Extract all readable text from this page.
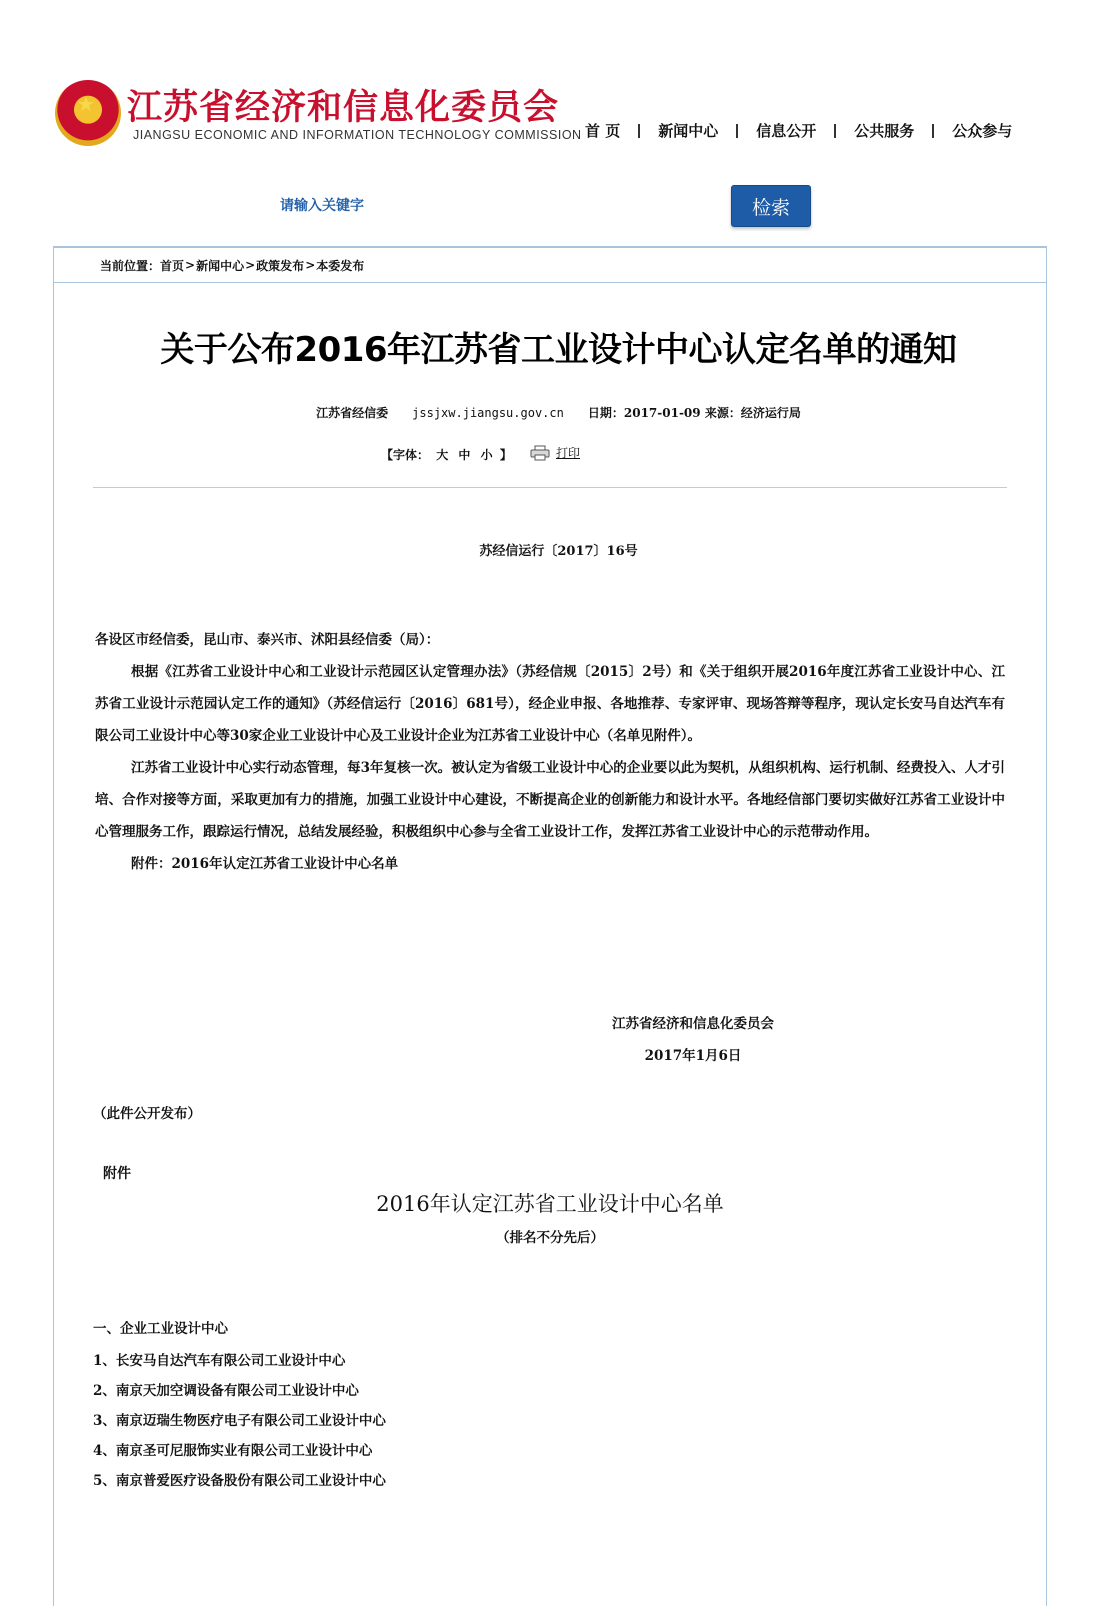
★ 江苏省经济和信息化委员会
JIANGSU ECONOMIC AND INFORMATION TECHNOLOGY COMMISSION 首 页	新闻中心	信息公开	公共服务	公众参与
请输入关键字
检索
当前位置： 首页 > 新闻中心 > 政策发布 > 本委发布
关于公布2016年江苏省工业设计中心认定名单的通知
江苏省经信委 jssjxw.jiangsu.gov.cn 日期：2017-01-09 来源：经济运行局
【字体： 大 中 小 】	打印
苏经信运行〔2017〕16号

各设区市经信委，昆山市、泰兴市、沭阳县经信委（局）：

根据《江苏省工业设计中心和工业设计示范园区认定管理办法》（苏经信规〔2015〕2号）和《关于组织开展2016年度江苏省工业设计中心、江苏省工业设计示范园认定工作的通知》（苏经信运行〔2016〕681号），经企业申报、各地推荐、专家评审、现场答辩等程序，现认定长安马自达汽车有限公司工业设计中心等30家企业工业设计中心及工业设计企业为江苏省工业设计中心（名单见附件）。

江苏省工业设计中心实行动态管理，每3年复核一次。被认定为省级工业设计中心的企业要以此为契机，从组织机构、运行机制、经费投入、人才引培、合作对接等方面，采取更加有力的措施，加强工业设计中心建设，不断提高企业的创新能力和设计水平。各地经信部门要切实做好江苏省工业设计中心管理服务工作，跟踪运行情况，总结发展经验，积极组织中心参与全省工业设计工作，发挥江苏省工业设计中心的示范带动作用。

附件：2016年认定江苏省工业设计中心名单

江苏省经济和信息化委员会
2017年1月6日
（此件公开发布）
附件
2016年认定江苏省工业设计中心名单
（排名不分先后）
一、企业工业设计中心
1、长安马自达汽车有限公司工业设计中心
2、南京天加空调设备有限公司工业设计中心
3、南京迈瑞生物医疗电子有限公司工业设计中心
4、南京圣可尼服饰实业有限公司工业设计中心
5、南京普爱医疗设备股份有限公司工业设计中心
